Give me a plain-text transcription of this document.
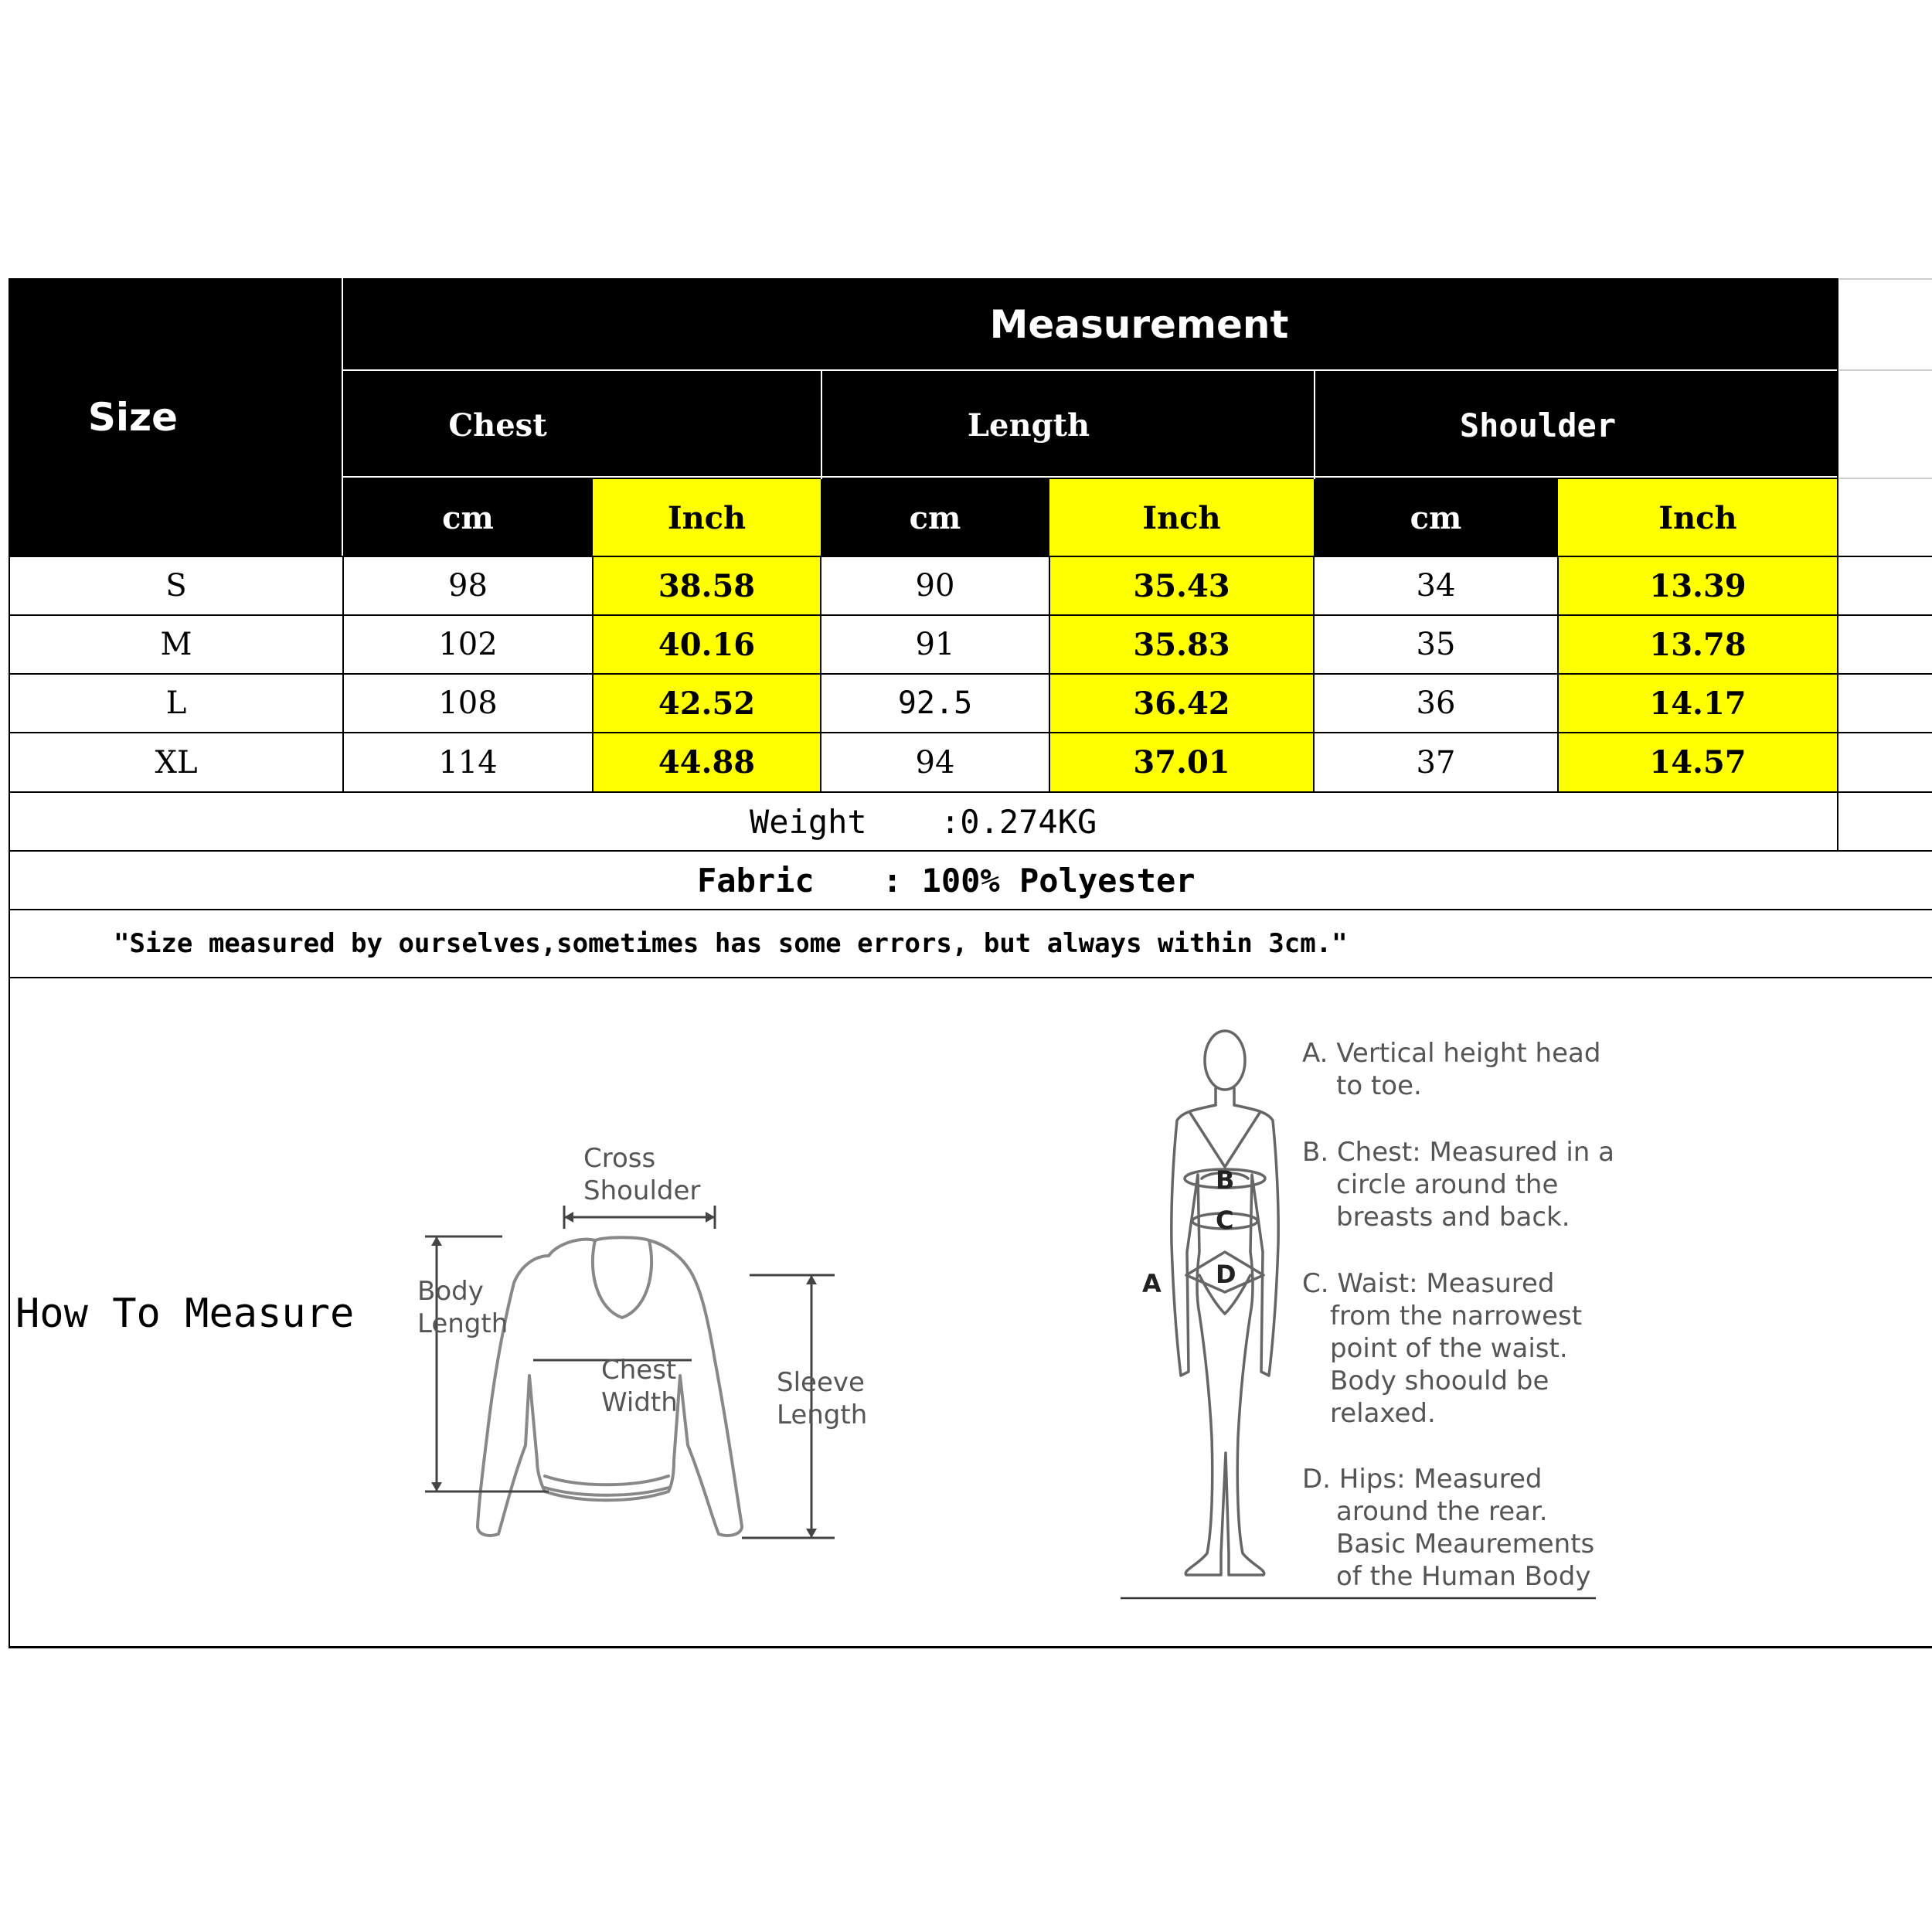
Size
Measurement
Chest	Length	Shoulder
cm	Inch	cm	Inch	cm	Inch
S	98	38.58	90	35.43	34	13.39
M	102	40.16	91	35.83	35	13.78
L	108	42.52	92.5	36.42	36	14.17
XL	114	44.88	94	37.01	37	14.57
Weight :0.274KG
Fabric : 100% Polyester
"Size measured by ourselves,sometimes has some errors, but always within 3cm."
How To Measure
Cross
Shoulder
Body
Length
Chest
Width
Sleeve
Length
A
B
C
D
A. Vertical height head
to toe.
B. Chest: Measured in a
circle around the
breasts and back.
C. Waist: Measured
from the narrowest
point of the waist.
Body shoould be
relaxed.
D. Hips: Measured
around the rear.
Basic Meaurements
of the Human Body
